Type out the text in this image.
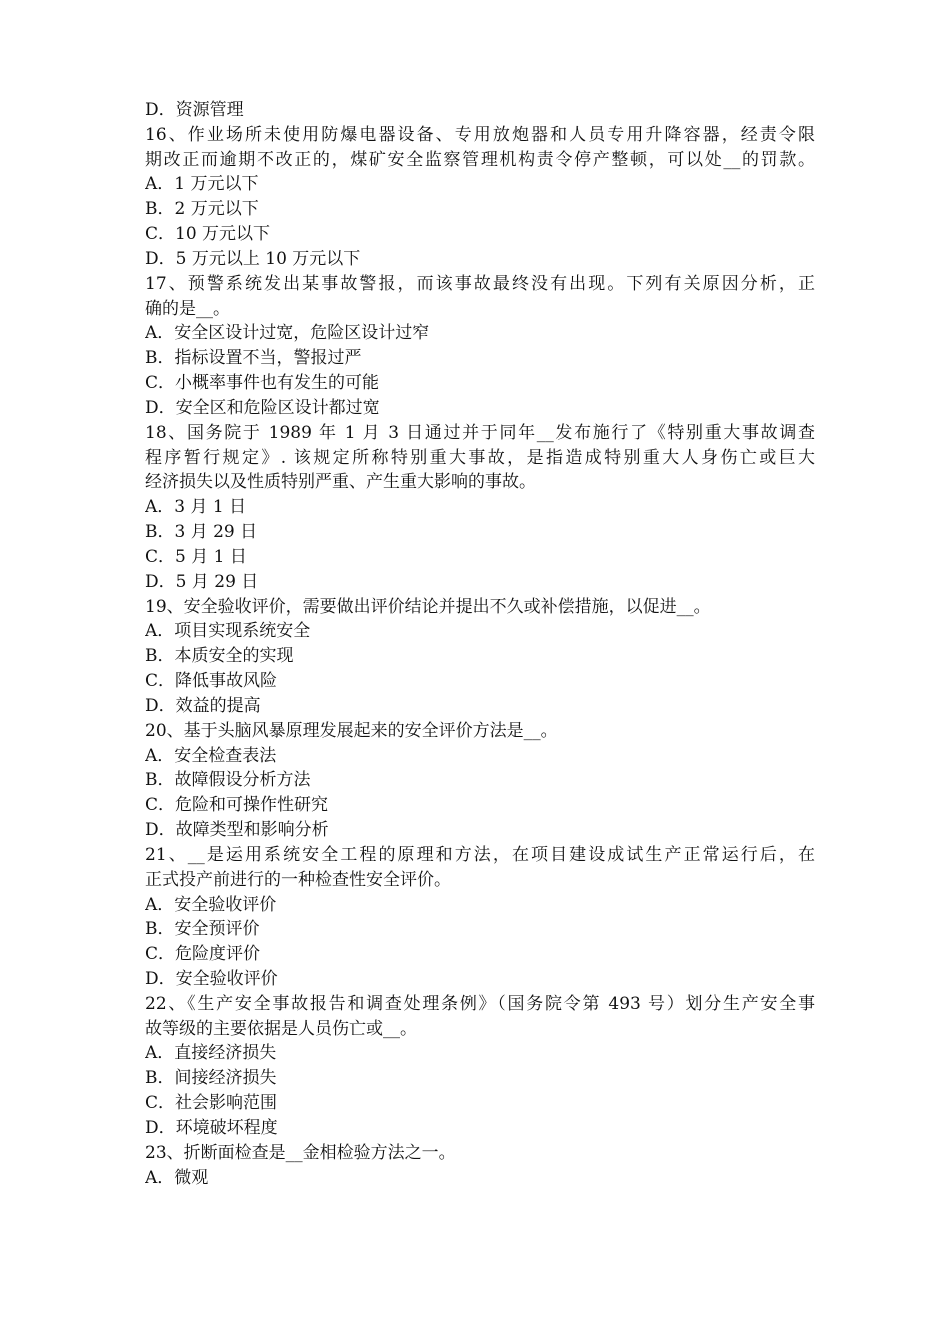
D．资源管理
16、作业场所未使用防爆电器设备、专用放炮器和人员专用升降容器，经责令限
期改正而逾期不改正的，煤矿安全监察管理机构责令停产整顿，可以处__的罚款。
A．1 万元以下
B．2 万元以下
C．10 万元以下
D．5 万元以上 10 万元以下
17、预警系统发出某事故警报，而该事故最终没有出现。下列有关原因分析，正
确的是__。
A．安全区设计过宽，危险区设计过窄
B．指标设置不当，警报过严
C．小概率事件也有发生的可能
D．安全区和危险区设计都过宽
18、国务院于 1989 年 1 月 3 日通过并于同年__发布施行了《特别重大事故调查
程序暂行规定》. 该规定所称特别重大事故，是指造成特别重大人身伤亡或巨大
经济损失以及性质特别严重、产生重大影响的事故。
A．3 月 1 日
B．3 月 29 日
C．5 月 1 日
D．5 月 29 日
19、安全验收评价，需要做出评价结论并提出不久或补偿措施，以促进__。
A．项目实现系统安全
B．本质安全的实现
C．降低事故风险
D．效益的提高
20、基于头脑风暴原理发展起来的安全评价方法是__。
A．安全检查表法
B．故障假设分析方法
C．危险和可操作性研究
D．故障类型和影响分析
21、__是运用系统安全工程的原理和方法，在项目建设成试生产正常运行后，在
正式投产前进行的一种检查性安全评价。
A．安全验收评价
B．安全预评价
C．危险度评价
D．安全验收评价
22、《生产安全事故报告和调查处理条例》（国务院令第 493 号）划分生产安全事
故等级的主要依据是人员伤亡或__。
A．直接经济损失
B．间接经济损失
C．社会影响范围
D．环境破坏程度
23、折断面检查是__金相检验方法之一。
A．微观
